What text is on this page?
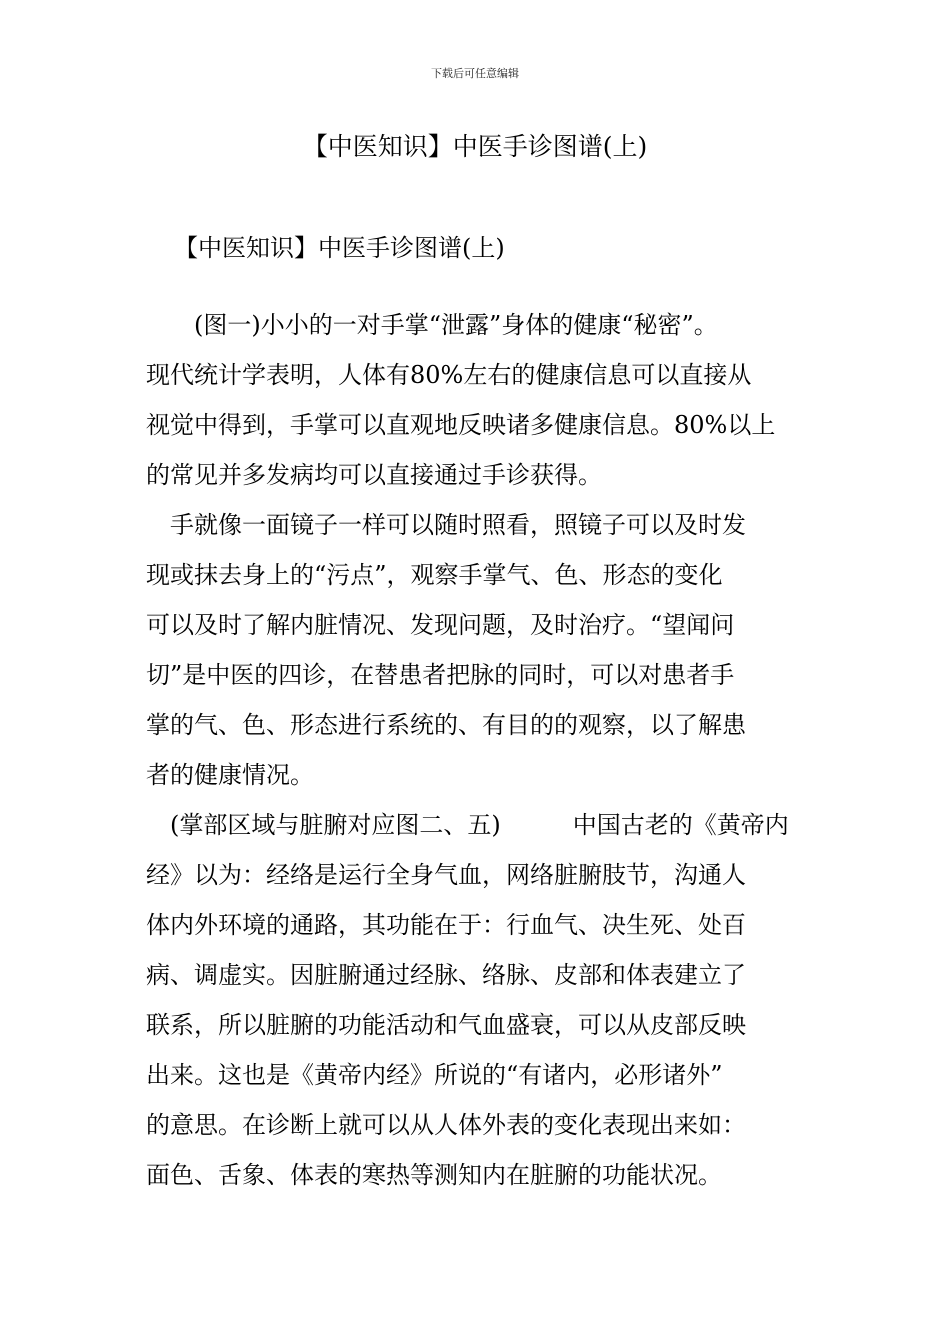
下载后可任意编辑
【中医知识】中医手诊图谱(上)
【中医知识】中医手诊图谱(上)
　　(图一)小小的一对手掌“泄露”身体的健康“秘密”。
现代统计学表明，人体有80%左右的健康信息可以直接从
视觉中得到，手掌可以直观地反映诸多健康信息。80%以上
的常见并多发病均可以直接通过手诊获得。
　手就像一面镜子一样可以随时照看，照镜子可以及时发
现或抹去身上的“污点”，观察手掌气、色、形态的变化
可以及时了解内脏情况、发现问题，及时治疗。“望闻问
切”是中医的四诊，在替患者把脉的同时，可以对患者手
掌的气、色、形态进行系统的、有目的的观察，以了解患
者的健康情况。
　(掌部区域与脏腑对应图二、五)　　　中国古老的《黄帝内
经》以为：经络是运行全身气血，网络脏腑肢节，沟通人
体内外环境的通路，其功能在于：行血气、决生死、处百
病、调虚实。因脏腑通过经脉、络脉、皮部和体表建立了
联系，所以脏腑的功能活动和气血盛衰，可以从皮部反映
出来。这也是《黄帝内经》所说的“有诸内，必形诸外”
的意思。在诊断上就可以从人体外表的变化表现出来如：
面色、舌象、体表的寒热等测知内在脏腑的功能状况。
